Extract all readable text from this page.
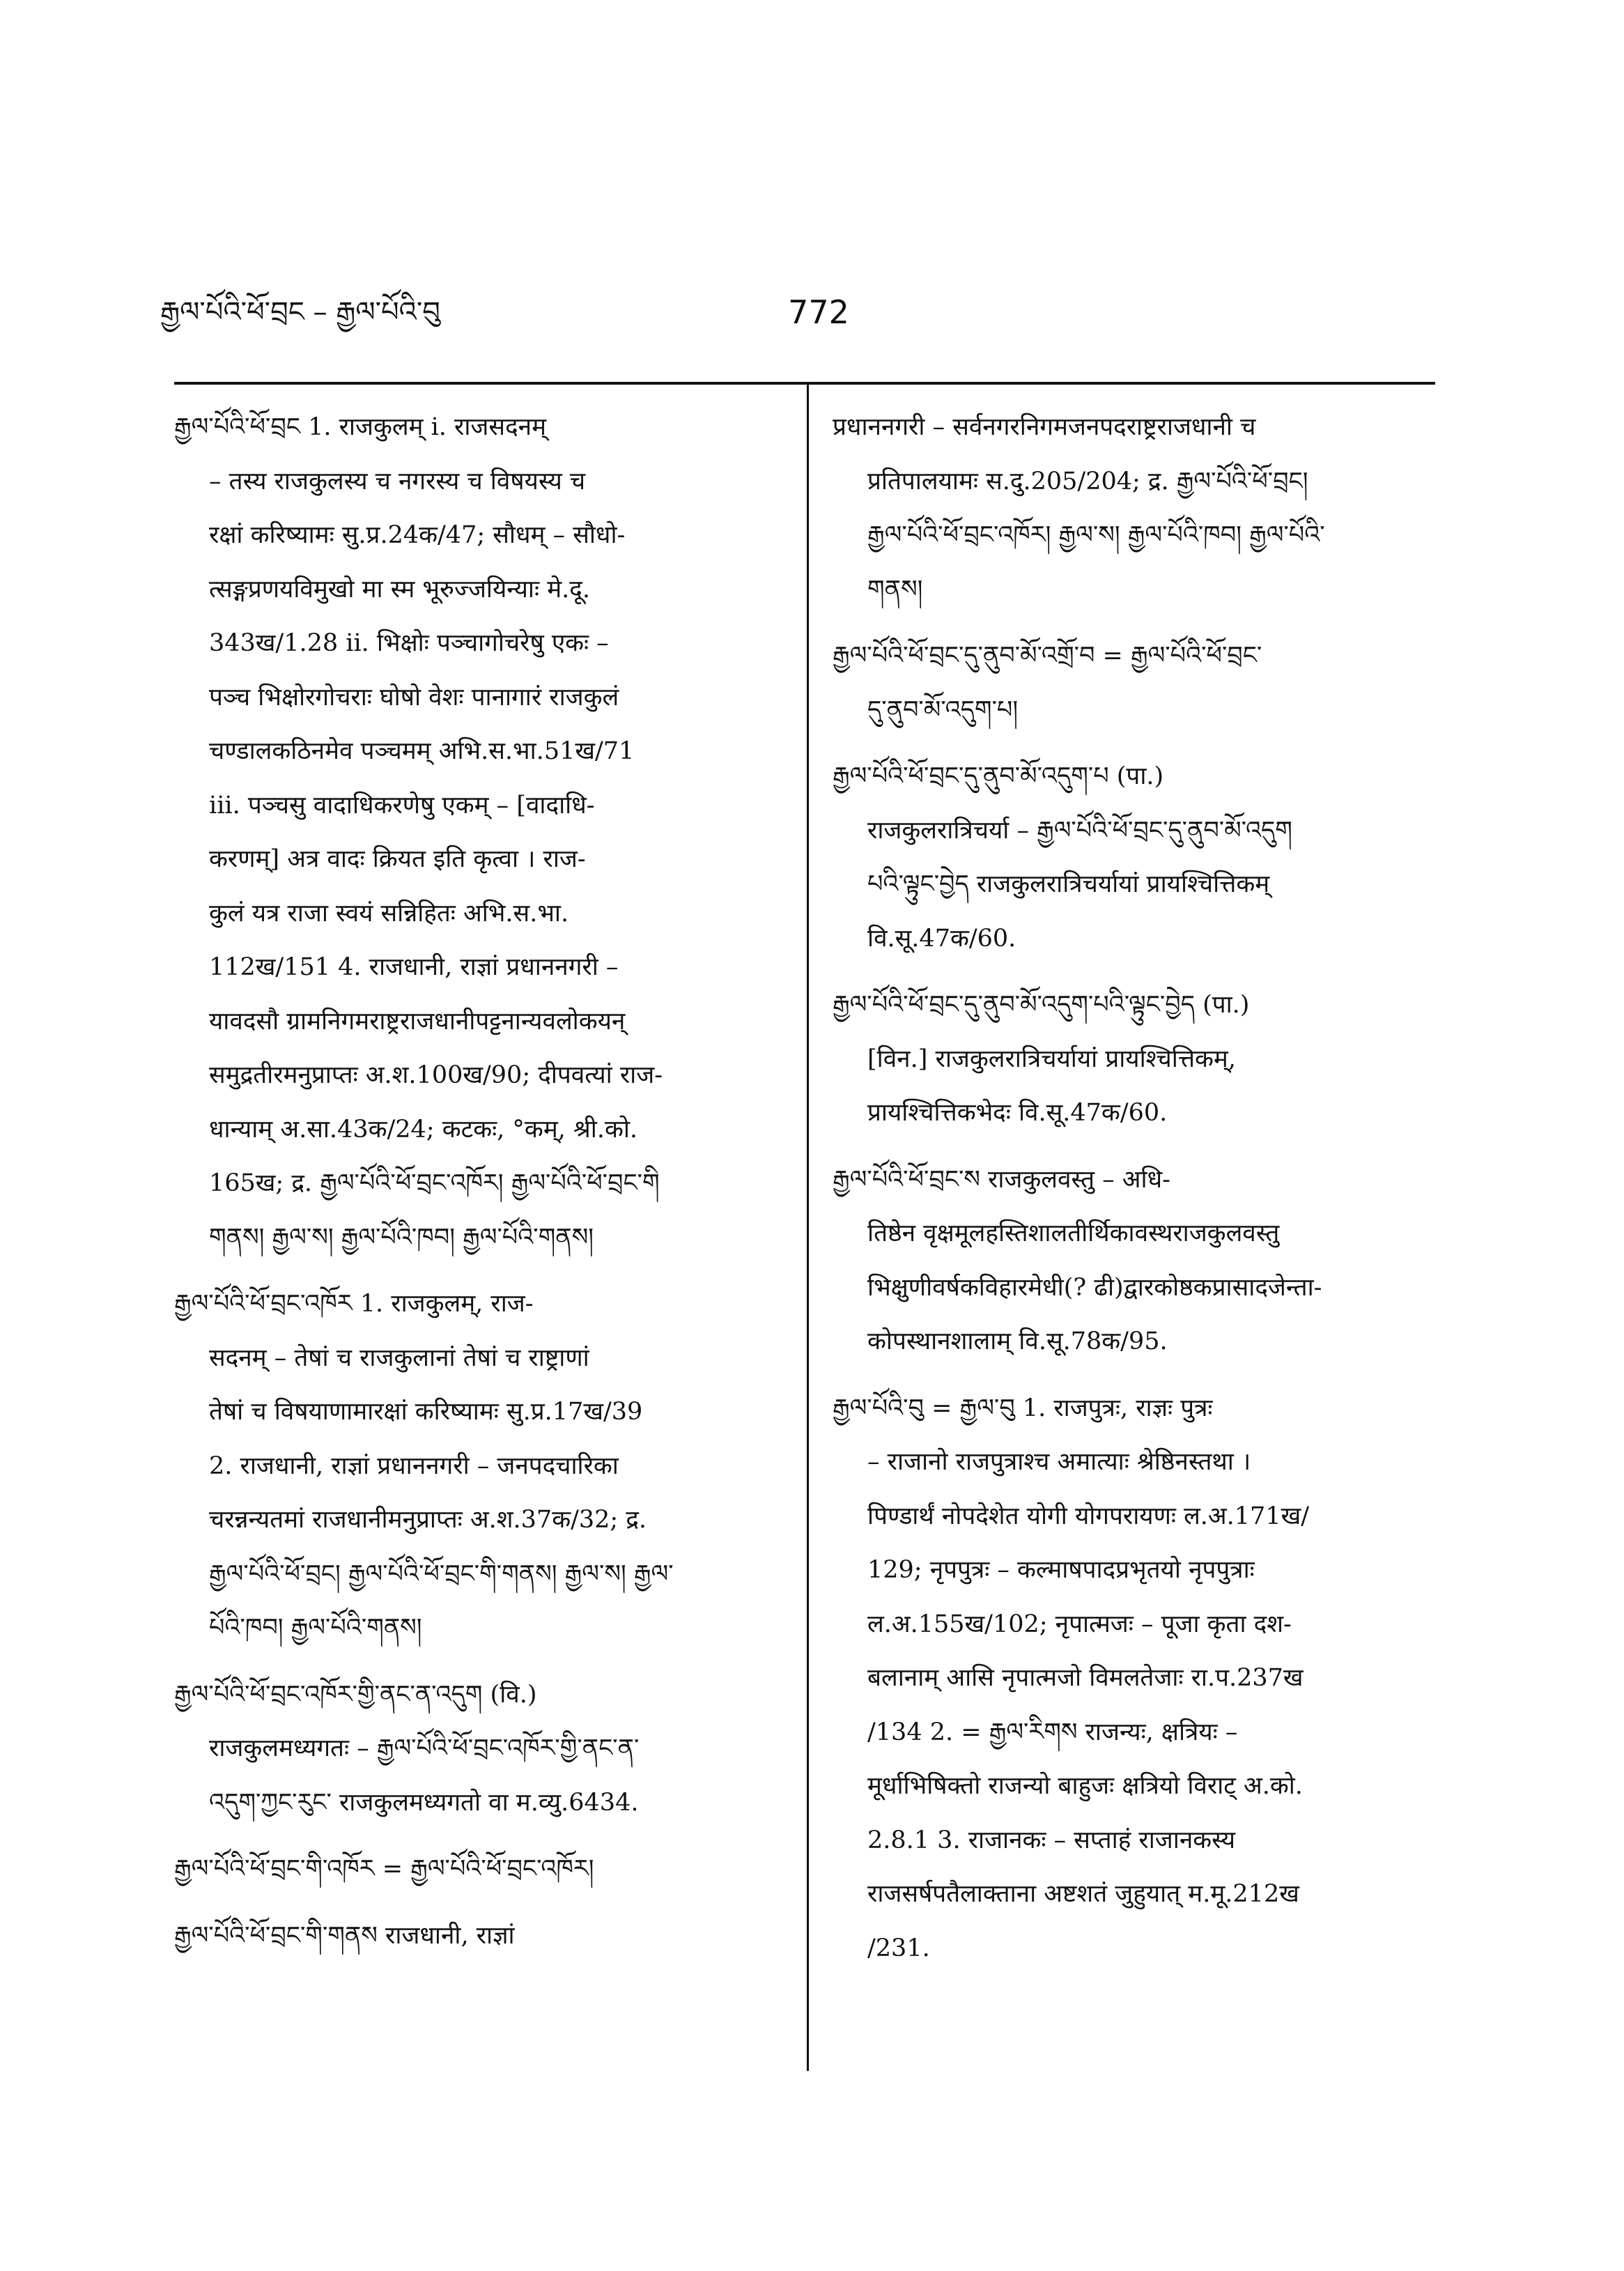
རྒྱལ་པོའི་ཕོ་བྲང – རྒྱལ་པོའི་བུ	772
རྒྱལ་པོའི་ཕོ་བྲང 1. राजकुलम् i. राजसदनम्
– तस्य राजकुलस्य च नगरस्य च विषयस्य च
रक्षां करिष्यामः सु.प्र.24क/47; सौधम् – सौधो-
त्सङ्गप्रणयविमुखो मा स्म भूरुज्जयिन्याः मे.दू.
343ख/1.28 ii. भिक्षोः पञ्चागोचरेषु एकः –
पञ्च भिक्षोरगोचराः घोषो वेशः पानागारं राजकुलं
चण्डालकठिनमेव पञ्चमम् अभि.स.भा.51ख/71
iii. पञ्चसु वादाधिकरणेषु एकम् – [वादाधि-
करणम्] अत्र वादः क्रियत इति कृत्वा । राज-
कुलं यत्र राजा स्वयं सन्निहितः अभि.स.भा.
112ख/151 4. राजधानी, राज्ञां प्रधाननगरी –
यावदसौ ग्रामनिगमराष्ट्रराजधानीपट्टनान्यवलोकयन्
समुद्रतीरमनुप्राप्तः अ.श.100ख/90; दीपवत्यां राज-
धान्याम् अ.सा.43क/24; कटकः, °कम्, श्री.को.
165ख; द्र. རྒྱལ་པོའི་ཕོ་བྲང་འཁོར། རྒྱལ་པོའི་ཕོ་བྲང་གི
གནས། རྒྱལ་ས། རྒྱལ་པོའི་ཁབ། རྒྱལ་པོའི་གནས།
རྒྱལ་པོའི་ཕོ་བྲང་འཁོར 1. राजकुलम्, राज-
सदनम् – तेषां च राजकुलानां तेषां च राष्ट्राणां
तेषां च विषयाणामारक्षां करिष्यामः सु.प्र.17ख/39
2. राजधानी, राज्ञां प्रधाननगरी – जनपदचारिका
चरन्नन्यतमां राजधानीमनुप्राप्तः अ.श.37क/32; द्र.
རྒྱལ་པོའི་ཕོ་བྲང། རྒྱལ་པོའི་ཕོ་བྲང་གི་གནས། རྒྱལ་ས། རྒྱལ་
པོའི་ཁབ། རྒྱལ་པོའི་གནས།
རྒྱལ་པོའི་ཕོ་བྲང་འཁོར་གྱི་ནང་ན་འདུག (वि.)
राजकुलमध्यगतः – རྒྱལ་པོའི་ཕོ་བྲང་འཁོར་གྱི་ནང་ན་
འདུག་ཀྱང་རུང་ राजकुलमध्यगतो वा म.व्यु.6434.
རྒྱལ་པོའི་ཕོ་བྲང་གི་འཁོར = རྒྱལ་པོའི་ཕོ་བྲང་འཁོར།
རྒྱལ་པོའི་ཕོ་བྲང་གི་གནས राजधानी, राज्ञां
प्रधाननगरी – सर्वनगरनिगमजनपदराष्ट्रराजधानी च
प्रतिपालयामः स.दु.205/204; द्र. རྒྱལ་པོའི་ཕོ་བྲང།
རྒྱལ་པོའི་ཕོ་བྲང་འཁོར། རྒྱལ་ས། རྒྱལ་པོའི་ཁབ། རྒྱལ་པོའི་
གནས།
རྒྱལ་པོའི་ཕོ་བྲང་དུ་ནུབ་མོ་འགྲོ་བ = རྒྱལ་པོའི་ཕོ་བྲང་
དུ་ནུབ་མོ་འདུག་པ།
རྒྱལ་པོའི་ཕོ་བྲང་དུ་ནུབ་མོ་འདུག་པ (पा.)
राजकुलरात्रिचर्या – རྒྱལ་པོའི་ཕོ་བྲང་དུ་ནུབ་མོ་འདུག
པའི་ལྟུང་བྱེད राजकुलरात्रिचर्यायां प्रायश्चित्तिकम्
वि.सू.47क/60.
རྒྱལ་པོའི་ཕོ་བྲང་དུ་ནུབ་མོ་འདུག་པའི་ལྟུང་བྱེད (पा.)
[विन.] राजकुलरात्रिचर्यायां प्रायश्चित्तिकम्,
प्रायश्चित्तिकभेदः वि.सू.47क/60.
རྒྱལ་པོའི་ཕོ་བྲང་ས राजकुलवस्तु – अधि-
तिष्ठेन वृक्षमूलहस्तिशालतीर्थिकावस्थराजकुलवस्तु
भिक्षुणीवर्षकविहारमेधी(? ढी)द्वारकोष्ठकप्रासादजेन्ता-
कोपस्थानशालाम् वि.सू.78क/95.
རྒྱལ་པོའི་བུ = རྒྱལ་བུ 1. राजपुत्रः, राज्ञः पुत्रः
– राजानो राजपुत्राश्च अमात्याः श्रेष्ठिनस्तथा ।
पिण्डार्थं नोपदेशेत योगी योगपरायणः ल.अ.171ख/
129; नृपपुत्रः – कल्माषपादप्रभृतयो नृपपुत्राः
ल.अ.155ख/102; नृपात्मजः – पूजा कृता दश-
बलानाम् आसि नृपात्मजो विमलतेजाः रा.प.237ख
/134 2. = རྒྱལ་རིགས राजन्यः, क्षत्रियः –
मूर्धाभिषिक्तो राजन्यो बाहुजः क्षत्रियो विराट् अ.को.
2.8.1 3. राजानकः – सप्ताहं राजानकस्य
राजसर्षपतैलाक्ताना अष्टशतं जुहुयात् म.मू.212ख
/231.
